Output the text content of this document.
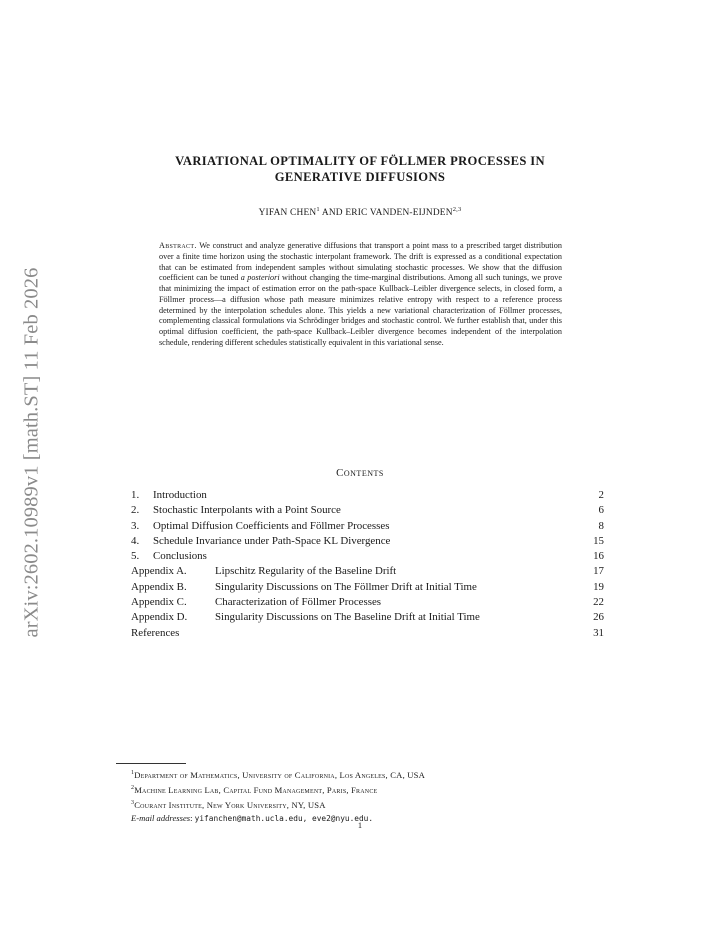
arXiv:2602.10989v1 [math.ST] 11 Feb 2026
VARIATIONAL OPTIMALITY OF FÖLLMER PROCESSES IN
GENERATIVE DIFFUSIONS
YIFAN CHEN$^1$ AND ERIC VANDEN-EIJNDEN$^{2,3}$

Abstract. We construct and analyze generative diffusions that transport a point mass to a prescribed target distribution over a finite time horizon using the stochastic interpolant framework. The drift is expressed as a conditional expectation that can be estimated from independent samples without simulating stochastic processes. We show that the diffusion coefficient can be tuned a posteriori without changing the time-marginal distributions. Among all such tunings, we prove that minimizing the impact of estimation error on the path-space Kullback–Leibler divergence selects, in closed form, a Föllmer process—a diffusion whose path measure minimizes relative entropy with respect to a reference process determined by the interpolation schedules alone. This yields a new variational characterization of Föllmer processes, complementing classical formulations via Schrödinger bridges and stochastic control. We further establish that, under this optimal diffusion coefficient, the path-space Kullback–Leibler divergence becomes independent of the interpolation schedule, rendering different schedules statistically equivalent in this variational sense.

Contents
1.	Introduction	2
2.	Stochastic Interpolants with a Point Source	6
3.	Optimal Diffusion Coefficients and Föllmer Processes	8
4.	Schedule Invariance under Path-Space KL Divergence	15
5.	Conclusions	16
Appendix A.	Lipschitz Regularity of the Baseline Drift	17
Appendix B.	Singularity Discussions on The Föllmer Drift at Initial Time	19
Appendix C.	Characterization of Föllmer Processes	22
Appendix D.	Singularity Discussions on The Baseline Drift at Initial Time	26
References	31
$^1$Department of Mathematics, University of California, Los Angeles, CA, USA
$^2$Machine Learning Lab, Capital Fund Management, Paris, France
$^3$Courant Institute, New York University, NY, USA
E-mail addresses: yifanchen@math.ucla.edu, eve2@nyu.edu.
1
